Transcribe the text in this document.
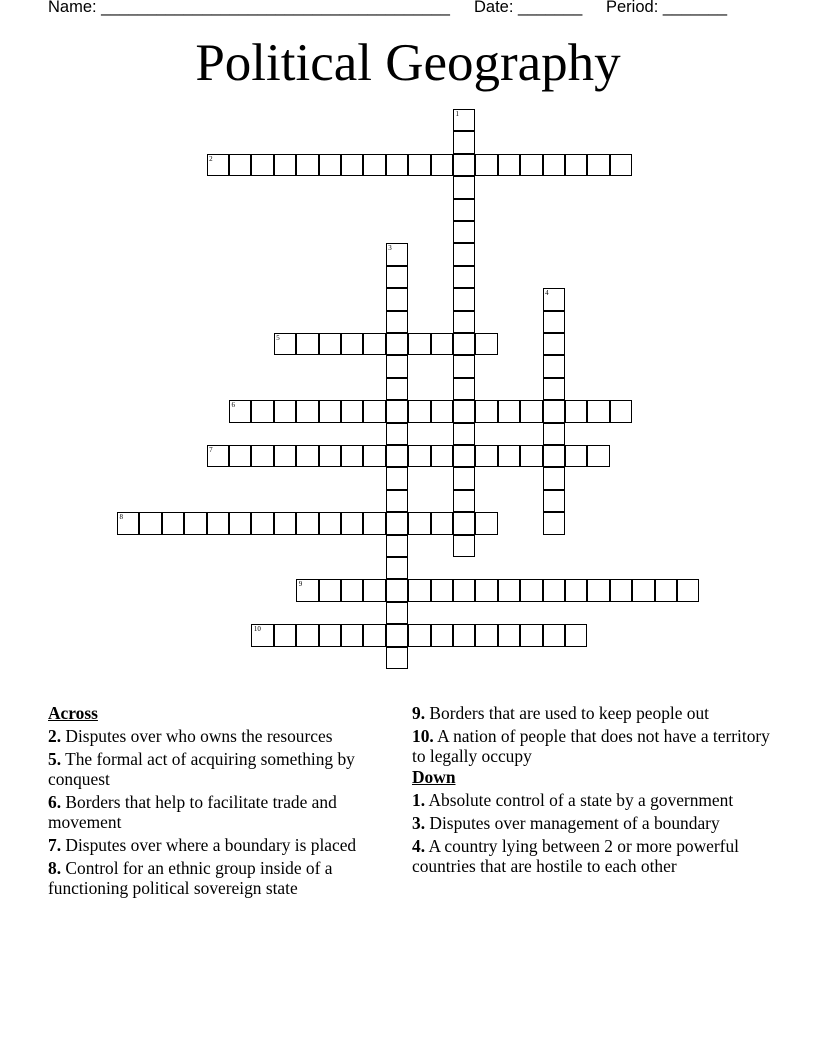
Name: ______________________________________ Date: _______ Period: _______
Political Geography
1
2
3
4
5
6
7
8
9
10
Across
2. Disputes over who owns the resources
5. The formal act of acquiring something by conquest
6. Borders that help to facilitate trade and movement
7. Disputes over where a boundary is placed
8. Control for an ethnic group inside of a functioning political sovereign state
9. Borders that are used to keep people out
10. A nation of people that does not have a territory to legally occupy
Down
1. Absolute control of a state by a government
3. Disputes over management of a boundary
4. A country lying between 2 or more powerful countries that are hostile to each other
